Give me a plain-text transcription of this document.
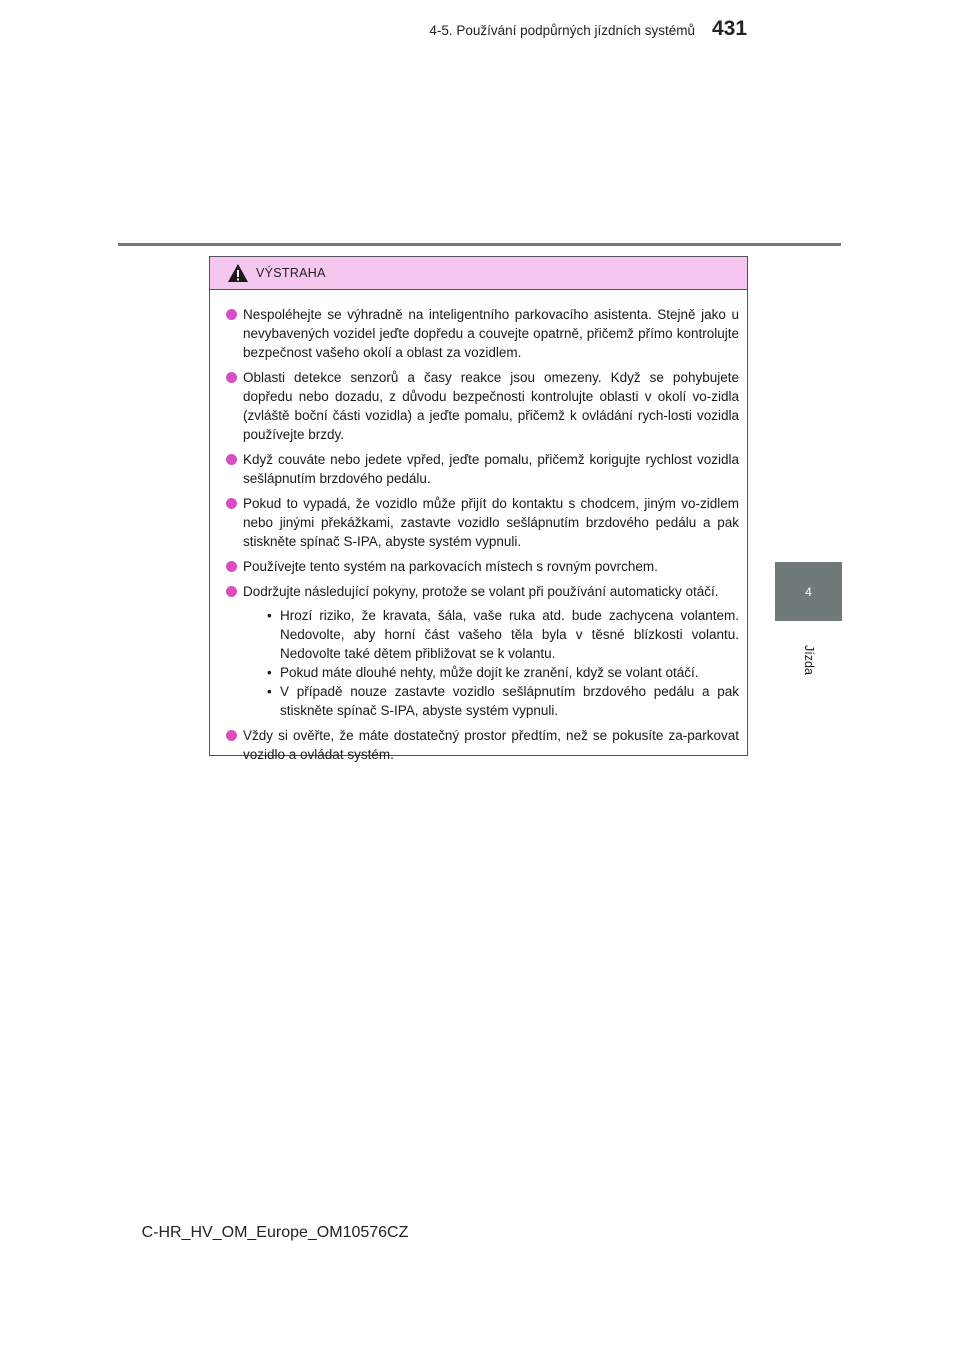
4-5. Používání podpůrných jízdních systémů 431
4
Jízda
VÝSTRAHA
Nespoléhejte se výhradně na inteligentního parkovacího asistenta. Stejně jako u nevybavených vozidel jeďte dopředu a couvejte opatrně, přičemž přímo kontrolujte bezpečnost vašeho okolí a oblast za vozidlem.
Oblasti detekce senzorů a časy reakce jsou omezeny. Když se pohybujete dopředu nebo dozadu, z důvodu bezpečnosti kontrolujte oblasti v okolí vo-zidla (zvláště boční části vozidla) a jeďte pomalu, přičemž k ovládání rych-losti vozidla používejte brzdy.
Když couváte nebo jedete vpřed, jeďte pomalu, přičemž korigujte rychlost vozidla sešlápnutím brzdového pedálu.
Pokud to vypadá, že vozidlo může přijít do kontaktu s chodcem, jiným vo-zidlem nebo jinými překážkami, zastavte vozidlo sešlápnutím brzdového pedálu a pak stiskněte spínač S-IPA, abyste systém vypnuli.
Používejte tento systém na parkovacích místech s rovným povrchem.
Dodržujte následující pokyny, protože se volant při používání automaticky otáčí.
• Hrozí riziko, že kravata, šála, vaše ruka atd. bude zachycena volantem. Nedovolte, aby horní část vašeho těla byla v těsné blízkosti volantu. Nedovolte také dětem přibližovat se k volantu.
• Pokud máte dlouhé nehty, může dojít ke zranění, když se volant otáčí.
• V případě nouze zastavte vozidlo sešlápnutím brzdového pedálu a pak stiskněte spínač S-IPA, abyste systém vypnuli.
Vždy si ověřte, že máte dostatečný prostor předtím, než se pokusíte za-parkovat vozidlo a ovládat systém.
C-HR_HV_OM_Europe_OM10576CZ
